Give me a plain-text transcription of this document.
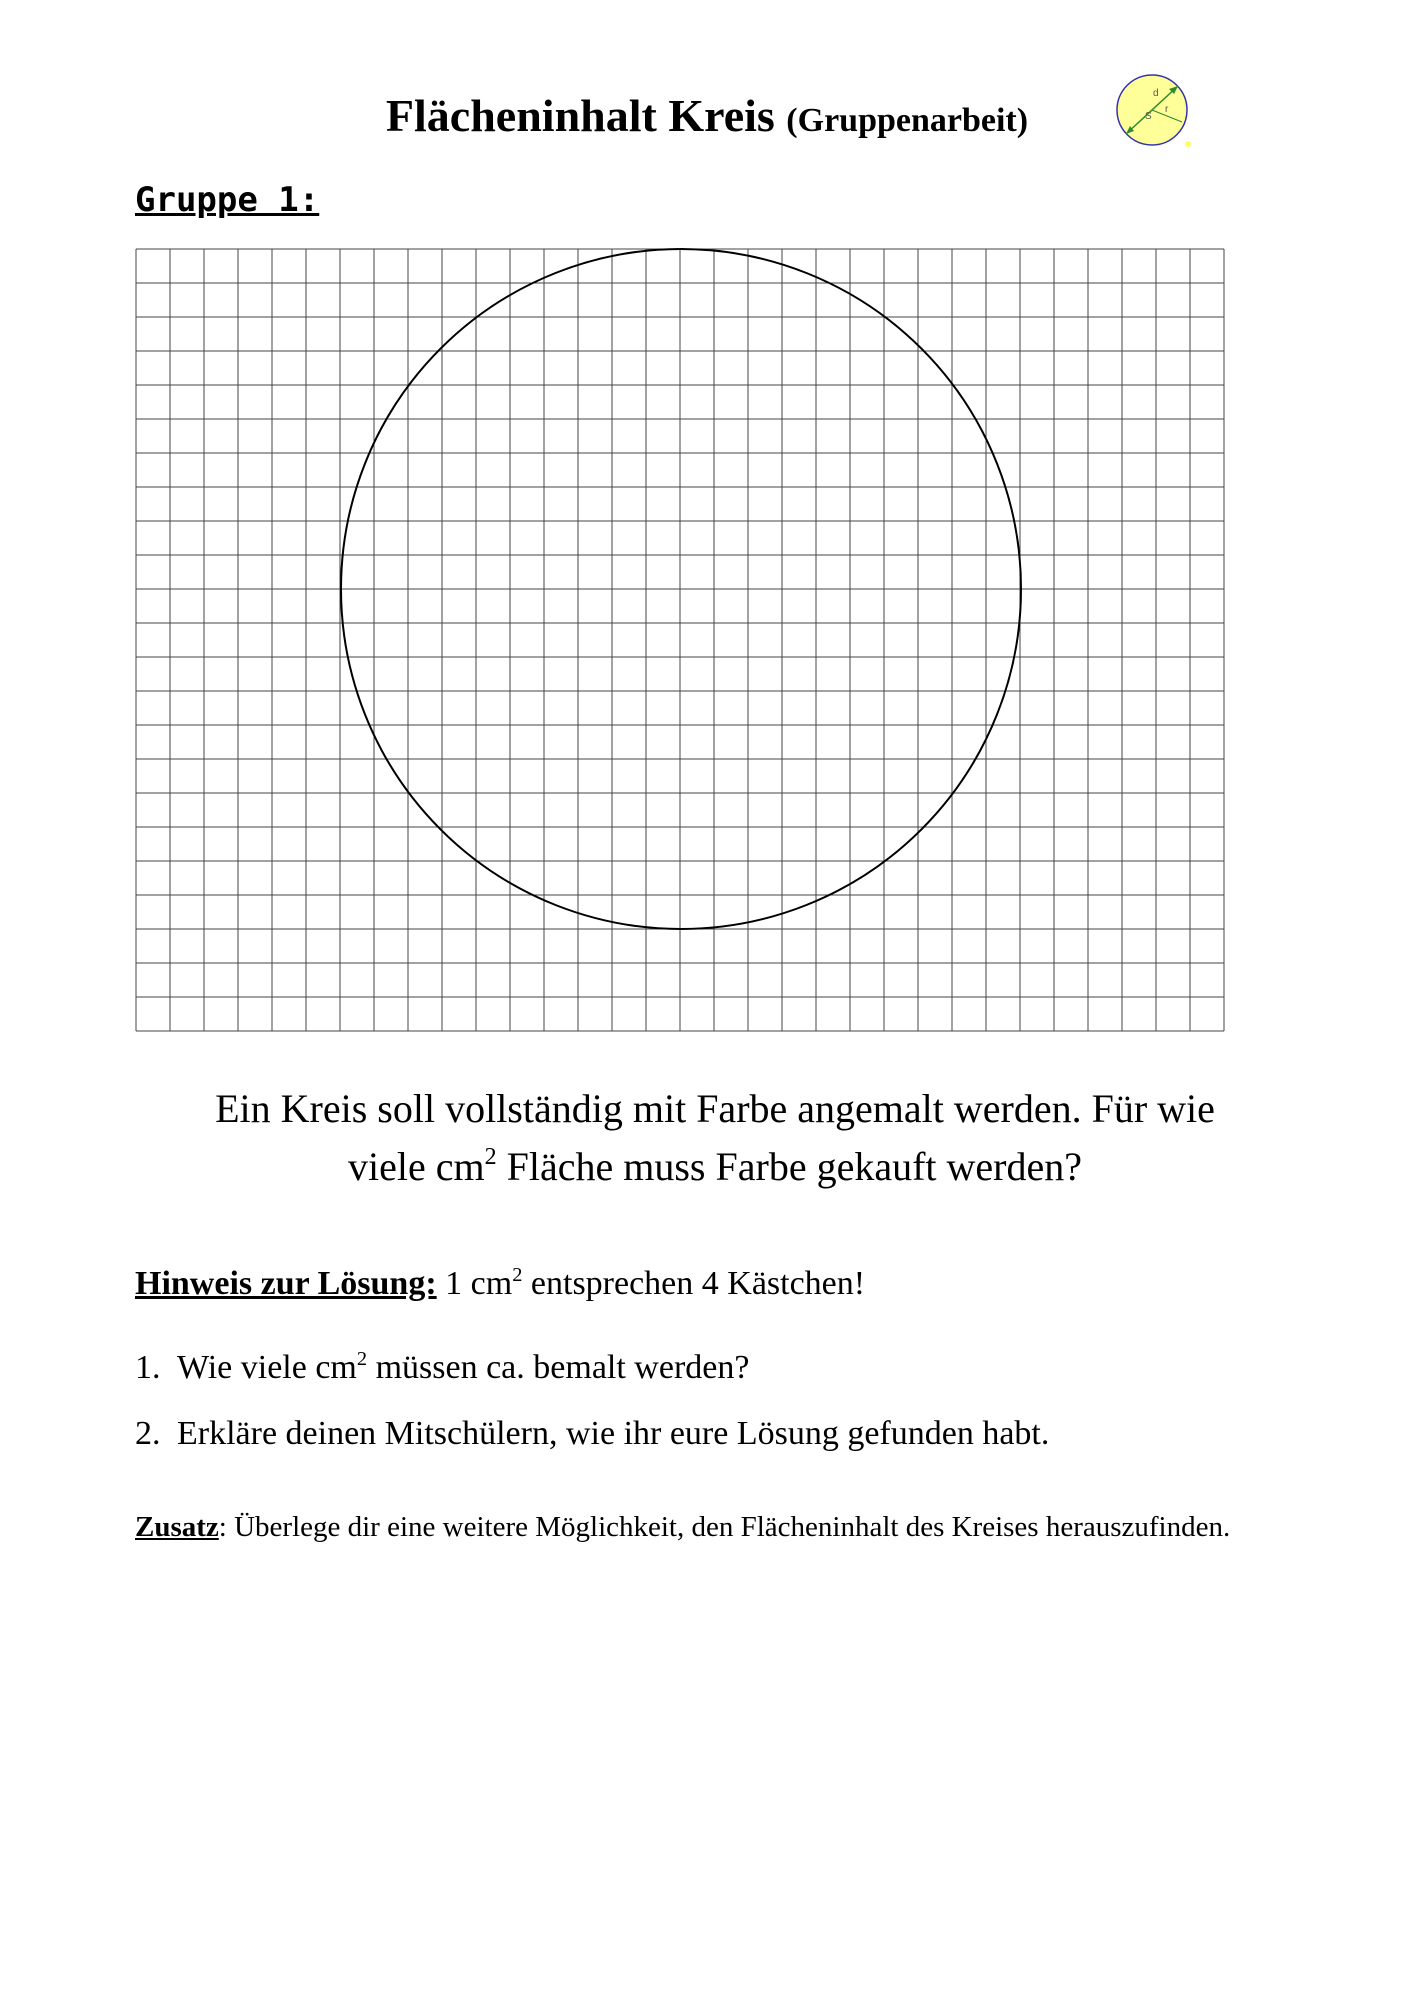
Flächeninhalt Kreis (Gruppenarbeit)
d
r
S
Gruppe 1:
Ein Kreis soll vollständig mit Farbe angemalt werden. Für wie
viele $cm^2$ Fläche muss Farbe gekauft werden?
Hinweis zur Lösung: 1 $cm^2$ entsprechen 4 Kästchen!
1. Wie viele $cm^2$ müssen ca. bemalt werden?
2. Erkläre deinen Mitschülern, wie ihr eure Lösung gefunden habt.
Zusatz: Überlege dir eine weitere Möglichkeit, den Flächeninhalt des Kreises herauszufinden.
